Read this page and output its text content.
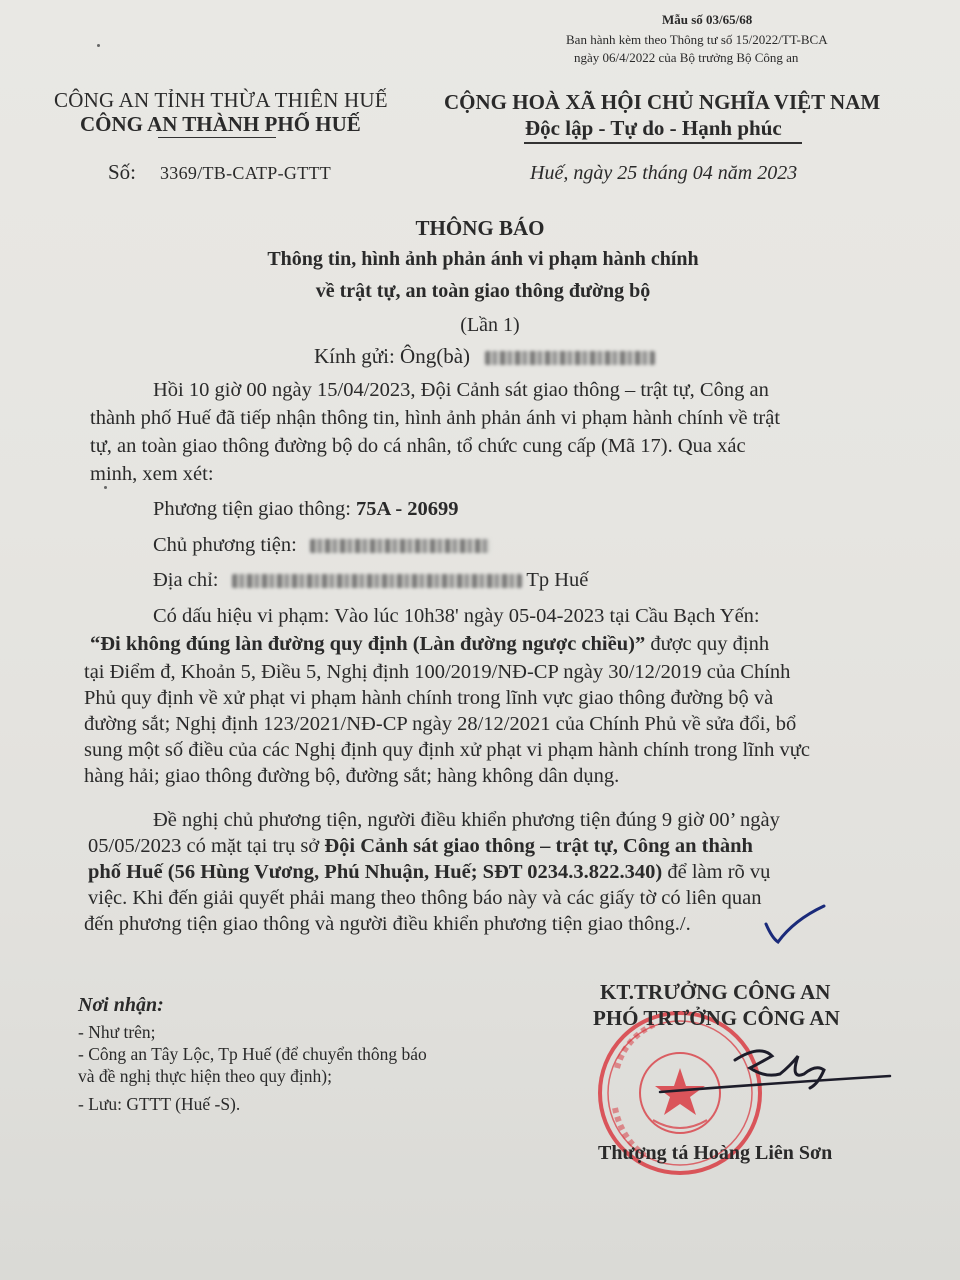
Mẫu số 03/65/68
Ban hành kèm theo Thông tư số 15/2022/TT-BCA
ngày 06/4/2022 của Bộ trưởng Bộ Công an
CÔNG AN TỈNH THỪA THIÊN HUẾ
CÔNG AN THÀNH PHỐ HUẾ
CỘNG HOÀ XÃ HỘI CHỦ NGHĨA VIỆT NAM
Độc lập - Tự do - Hạnh phúc
Số: 3369/TB-CATP-GTTT	Huế, ngày 25 tháng 04 năm 2023
THÔNG BÁO
Thông tin, hình ảnh phản ánh vi phạm hành chính
về trật tự, an toàn giao thông đường bộ
(Lần 1)
Kính gửi: Ông(bà)
Hồi 10 giờ 00 ngày 15/04/2023, Đội Cảnh sát giao thông – trật tự, Công an
thành phố Huế đã tiếp nhận thông tin, hình ảnh phản ánh vi phạm hành chính về trật
tự, an toàn giao thông đường bộ do cá nhân, tổ chức cung cấp (Mã 17). Qua xác
minh, xem xét:
Phương tiện giao thông: 75A - 20699
Chủ phương tiện:
Địa chỉ:	Tp Huế
Có dấu hiệu vi phạm: Vào lúc 10h38' ngày 05-04-2023 tại Cầu Bạch Yến:
“Đi không đúng làn đường quy định (Làn đường ngược chiều)” được quy định
tại Điểm đ, Khoản 5, Điều 5, Nghị định 100/2019/NĐ-CP ngày 30/12/2019 của Chính
Phủ quy định về xử phạt vi phạm hành chính trong lĩnh vực giao thông đường bộ và
đường sắt; Nghị định 123/2021/NĐ-CP ngày 28/12/2021 của Chính Phủ về sửa đổi, bổ
sung một số điều của các Nghị định quy định xử phạt vi phạm hành chính trong lĩnh vực
hàng hải; giao thông đường bộ, đường sắt; hàng không dân dụng.
Đề nghị chủ phương tiện, người điều khiển phương tiện đúng 9 giờ 00’ ngày
05/05/2023 có mặt tại trụ sở Đội Cảnh sát giao thông – trật tự, Công an thành
phố Huế (56 Hùng Vương, Phú Nhuận, Huế; SĐT 0234.3.822.340) để làm rõ vụ
việc. Khi đến giải quyết phải mang theo thông báo này và các giấy tờ có liên quan
đến phương tiện giao thông và người điều khiển phương tiện giao thông./.
Nơi nhận:
- Như trên;
- Công an Tây Lộc, Tp Huế (để chuyển thông báo
và đề nghị thực hiện theo quy định);
- Lưu: GTTT (Huế -S).
KT.TRƯỞNG CÔNG AN
PHÓ TRƯỞNG CÔNG AN
Thượng tá Hoàng Liên Sơn
